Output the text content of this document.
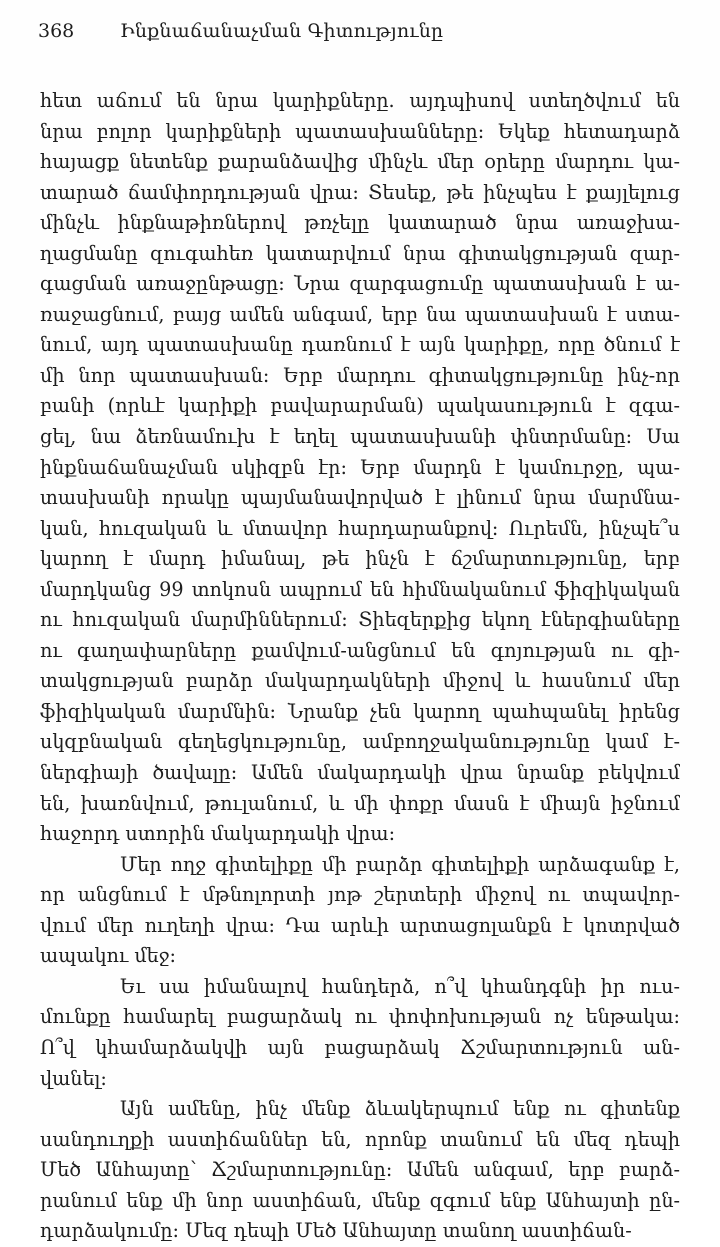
368 Ինքնաճանաչման Գիտությունը
հետ աճում են նրա կարիքները. այդպիսով ստեղծվում են
նրա բոլոր կարիքների պատասխանները: Եկեք հետադարձ
հայացք նետենք քարանձավից մինչև մեր օրերը մարդու կա-
տարած ճամփորդության վրա: Տեսեք, թե ինչպես է քայլելուց
մինչև ինքնաթիռներով թռչելը կատարած նրա առաջխա-
ղացմանը զուգահեռ կատարվում նրա գիտակցության զար-
գացման առաջընթացը: Նրա զարգացումը պատասխան է ա-
ռաջացնում, բայց ամեն անգամ, երբ նա պատասխան է ստա-
նում, այդ պատասխանը դառնում է այն կարիքը, որը ծնում է
մի նոր պատասխան: Երբ մարդու գիտակցությունը ինչ-որ
բանի (որևէ կարիքի բավարարման) պակասություն է զգա-
ցել, նա ձեռնամուխ է եղել պատասխանի փնտրմանը: Սա
ինքնաճանաչման սկիզբն էր: Երբ մարդն է կամուրջը, պա-
տասխանի որակը պայմանավորված է լինում նրա մարմնա-
կան, հուզական և մտավոր հարդարանքով: Ուրեմն, ինչպե՞ս
կարող է մարդ իմանալ, թե ինչն է ճշմարտությունը, երբ
մարդկանց 99 տոկոսն ապրում են հիմնականում ֆիզիկական
ու հուզական մարմիններում: Տիեզերքից եկող էներգիաները
ու գաղափարները քամվում-անցնում են գոյության ու գի-
տակցության բարձր մակարդակների միջով և հասնում մեր
ֆիզիկական մարմնին: Նրանք չեն կարող պահպանել իրենց
սկզբնական գեղեցկությունը, ամբողջականությունը կամ է-
ներգիայի ծավալը: Ամեն մակարդակի վրա նրանք բեկվում
են, խառնվում, թուլանում, և մի փոքր մասն է միայն իջնում
հաջորդ ստորին մակարդակի վրա:
Մեր ողջ գիտելիքը մի բարձր գիտելիքի արձագանք է,
որ անցնում է մթնոլորտի յոթ շերտերի միջով ու տպավոր-
վում մեր ուղեղի վրա: Դա արևի արտացոլանքն է կոտրված
ապակու մեջ:
Եւ սա իմանալով հանդերձ, ո՞վ կհանդգնի իր ուս-
մունքը համարել բացարձակ ու փոփոխության ոչ ենթակա:
Ո՞վ կհամարձակվի այն բացարձակ Ճշմարտություն ան-
վանել:
Այն ամենը, ինչ մենք ձևակերպում ենք ու գիտենք
սանդուղքի աստիճաններ են, որոնք տանում են մեզ դեպի
Մեծ Անհայտը՝ Ճշմարտությունը: Ամեն անգամ, երբ բարձ-
րանում ենք մի նոր աստիճան, մենք զգում ենք Անհայտի ըն-
դարձակումը: Մեզ դեպի Մեծ Անհայտը տանող աստիճան-
